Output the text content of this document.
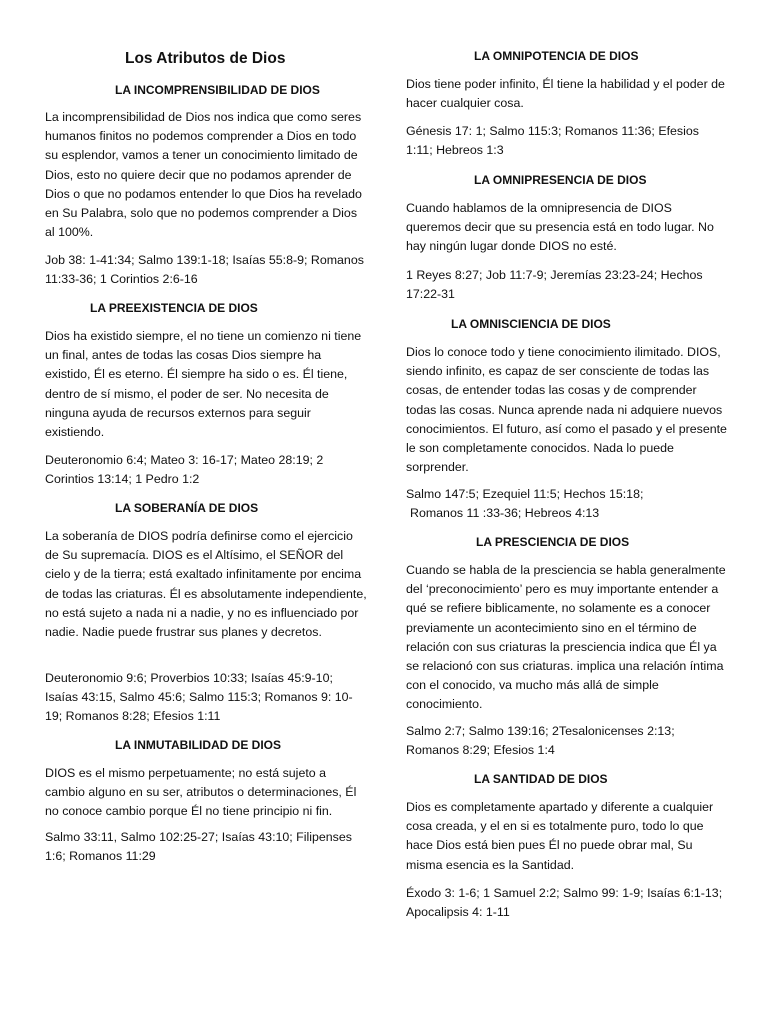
Los Atributos de Dios
LA INCOMPRENSIBILIDAD DE DIOS

La incomprensibilidad de Dios nos indica que como seres humanos finitos no podemos comprender a Dios en todo su esplendor, vamos a tener un conocimiento limitado de Dios, esto no quiere decir que no podamos aprender de Dios o que no podamos entender lo que Dios ha revelado en Su Palabra, solo que no podemos comprender a Dios al 100%.

Job 38: 1-41:34; Salmo 139:1-18; Isaías 55:8-9; Romanos 11:33-36; 1 Corintios 2:6-16

LA PREEXISTENCIA DE DIOS

Dios ha existido siempre, el no tiene un comienzo ni tiene un final, antes de todas las cosas Dios siempre ha existido, Él es eterno. Él siempre ha sido o es. Él tiene, dentro de sí mismo, el poder de ser. No necesita de ninguna ayuda de recursos externos para seguir existiendo.

Deuteronomio 6:4; Mateo 3: 16-17; Mateo 28:19; 2 Corintios 13:14; 1 Pedro 1:2

LA SOBERANÍA DE DIOS

La soberanía de DIOS podría definirse como el ejercicio de Su supremacía. DIOS es el Altísimo, el SEÑOR del cielo y de la tierra; está exaltado infinitamente por encima de todas las criaturas. Él es absolutamente independiente, no está sujeto a nada ni a nadie, y no es influenciado por nadie. Nadie puede frustrar sus planes y decretos.

Deuteronomio 9:6; Proverbios 10:33; Isaías 45:9-10; Isaías 43:15, Salmo 45:6; Salmo 115:3; Romanos 9: 10-19; Romanos 8:28; Efesios 1:11

LA INMUTABILIDAD DE DIOS

DIOS es el mismo perpetuamente; no está sujeto a cambio alguno en su ser, atributos o determinaciones, Él no conoce cambio porque Él no tiene principio ni fin.

Salmo 33:11, Salmo 102:25-27; Isaías 43:10; Filipenses 1:6; Romanos 11:29

LA OMNIPOTENCIA DE DIOS

Dios tiene poder infinito, Él tiene la habilidad y el poder de hacer cualquier cosa.

Génesis 17: 1; Salmo 115:3; Romanos 11:36; Efesios 1:11; Hebreos 1:3

LA OMNIPRESENCIA DE DIOS

Cuando hablamos de la omnipresencia de DIOS queremos decir que su presencia está en todo lugar. No hay ningún lugar donde DIOS no esté.

1 Reyes 8:27; Job 11:7-9; Jeremías 23:23-24; Hechos 17:22-31

LA OMNISCIENCIA DE DIOS

Dios lo conoce todo y tiene conocimiento ilimitado. DIOS, siendo infinito, es capaz de ser consciente de todas las cosas, de entender todas las cosas y de comprender todas las cosas. Nunca aprende nada ni adquiere nuevos conocimientos. El futuro, así como el pasado y el presente le son completamente conocidos. Nada lo puede sorprender.

Salmo 147:5; Ezequiel 11:5; Hechos 15:18;

Romanos 11 :33-36; Hebreos 4:13

LA PRESCIENCIA DE DIOS

Cuando se habla de la presciencia se habla generalmente del ‘preconocimiento’ pero es muy importante entender a qué se refiere biblicamente, no solamente es a conocer previamente un acontecimiento sino en el término de relación con sus criaturas la presciencia indica que Él ya se relacionó con sus criaturas. implica una relación íntima con el conocido, va mucho más allá de simple conocimiento.

Salmo 2:7; Salmo 139:16; 2Tesalonicenses 2:13; Romanos 8:29; Efesios 1:4

LA SANTIDAD DE DIOS

Dios es completamente apartado y diferente a cualquier cosa creada, y el en si es totalmente puro, todo lo que hace Dios está bien pues Él no puede obrar mal, Su misma esencia es la Santidad.

Éxodo 3: 1-6; 1 Samuel 2:2; Salmo 99: 1-9; Isaías 6:1-13; Apocalipsis 4: 1-11
